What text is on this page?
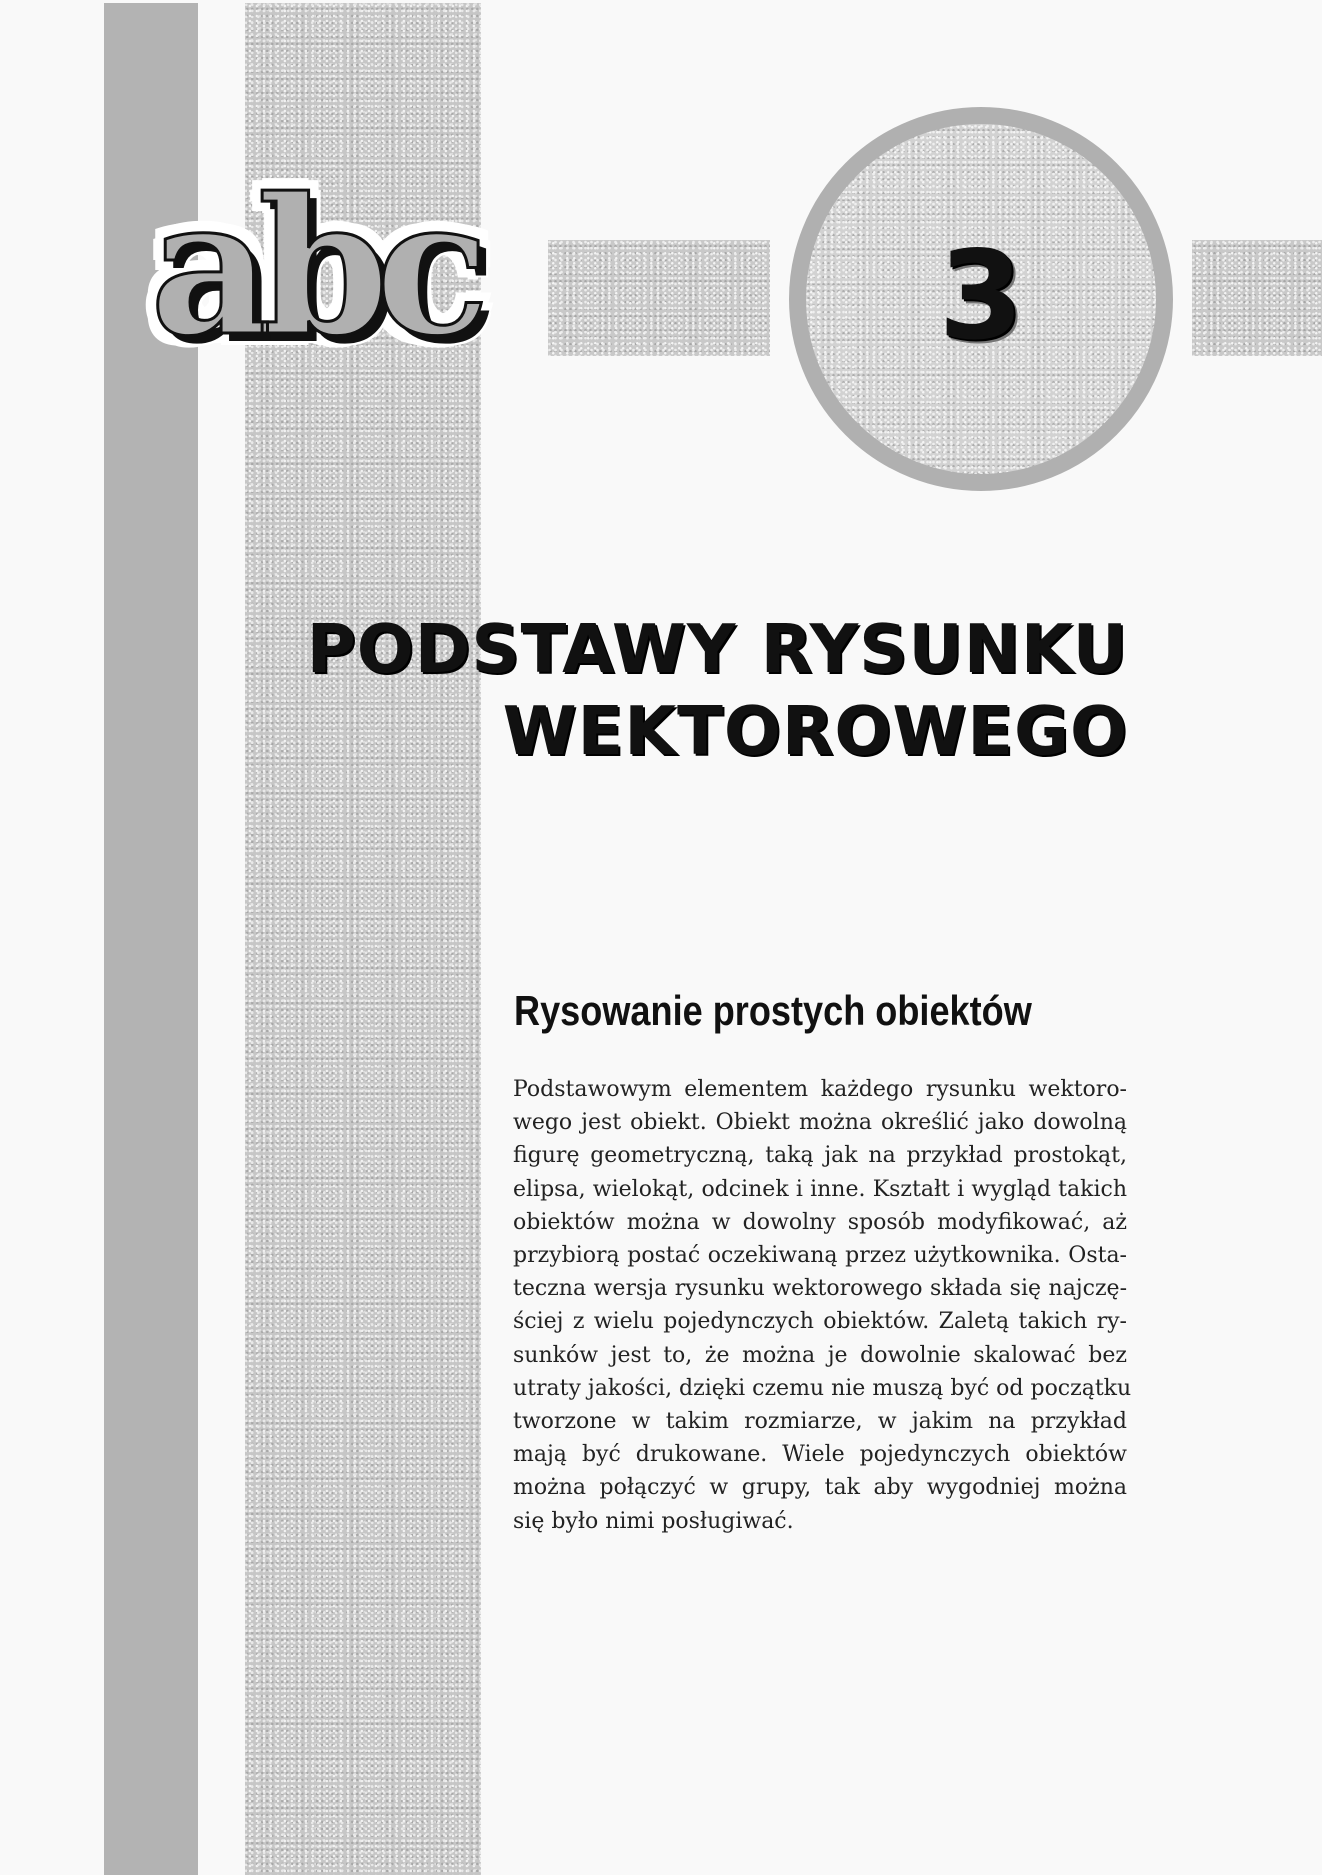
abc	3
PODSTAWY RYSUNKU
WEKTOROWEGO
Rysowanie prostych obiektów

Podstawowym elementem każdego rysunku wektoro-
wego jest obiekt. Obiekt można określić jako dowolną
figurę geometryczną, taką jak na przykład prostokąt,
elipsa, wielokąt, odcinek i inne. Kształt i wygląd takich
obiektów można w dowolny sposób modyfikować, aż
przybiorą postać oczekiwaną przez użytkownika. Osta-
teczna wersja rysunku wektorowego składa się najczę-
ściej z wielu pojedynczych obiektów. Zaletą takich ry-
sunków jest to, że można je dowolnie skalować bez
utraty jakości, dzięki czemu nie muszą być od początku
tworzone w takim rozmiarze, w jakim na przykład
mają być drukowane. Wiele pojedynczych obiektów
można połączyć w grupy, tak aby wygodniej można
się było nimi posługiwać.
